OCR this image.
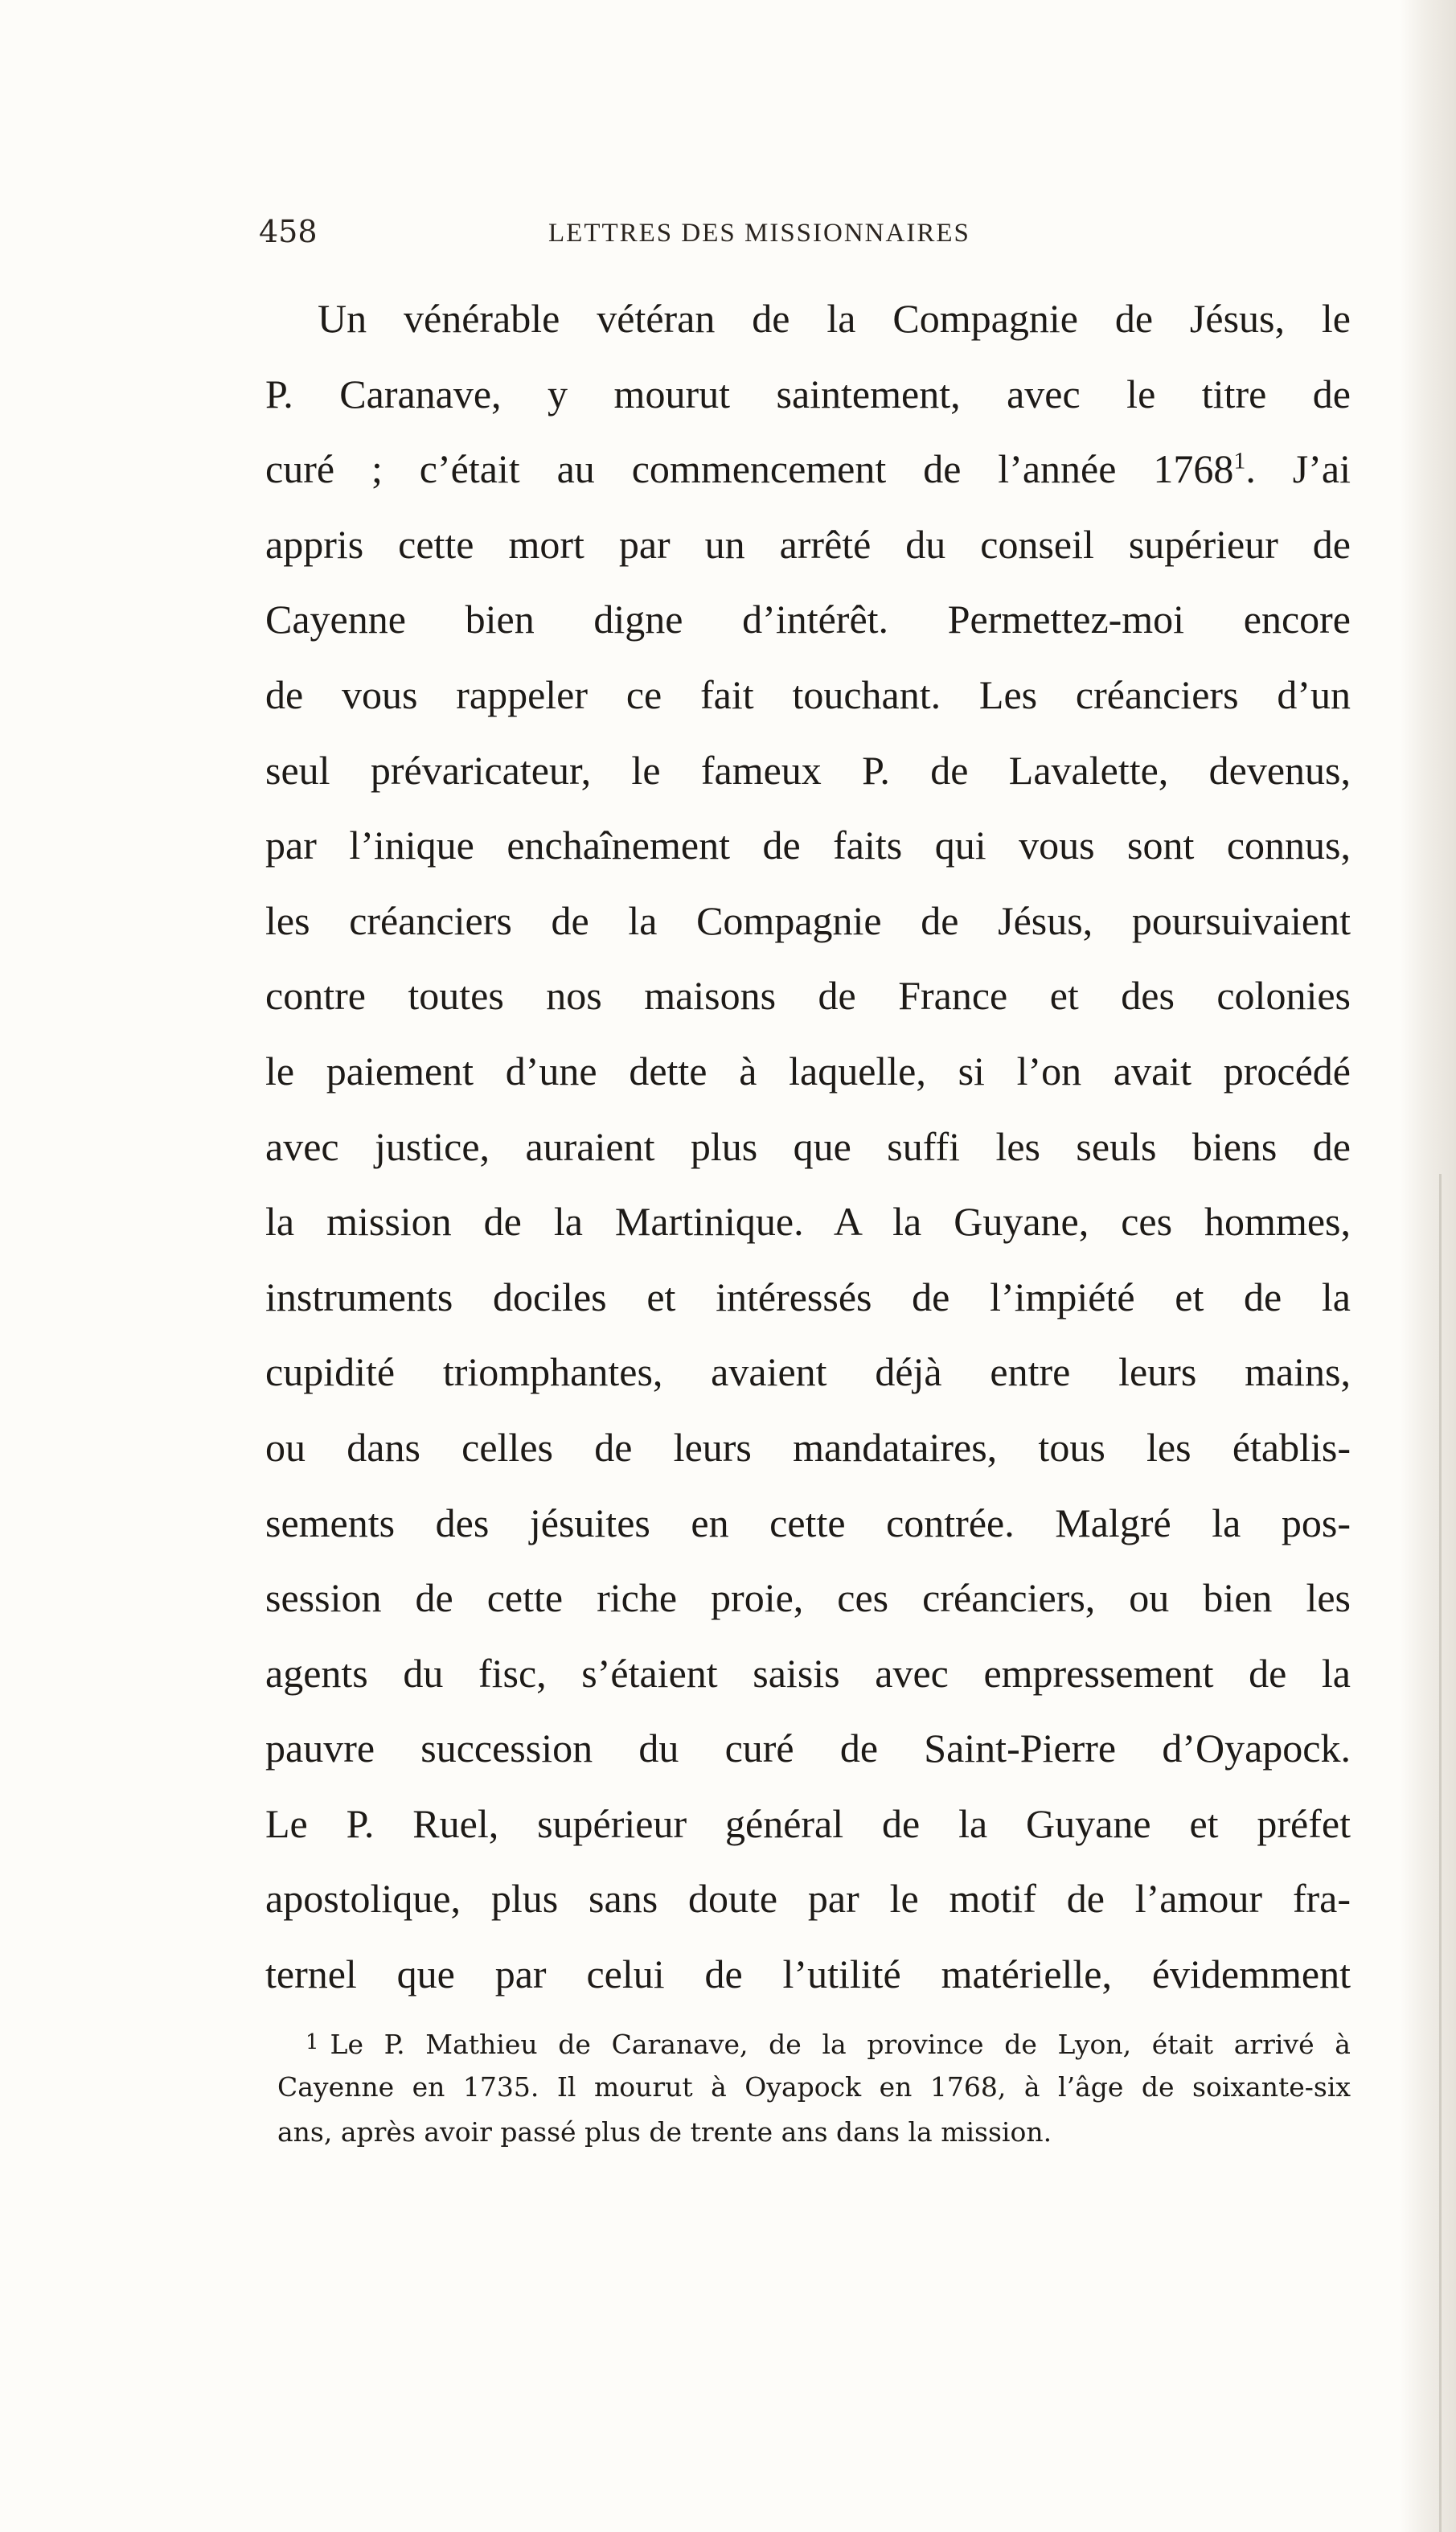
458	LETTRES DES MISSIONNAIRES
Un vénérable vétéran de la Compagnie de Jésus, le
P. Caranave, y mourut saintement, avec le titre de
curé ; c’était au commencement de l’année 1768$^1$. J’ai
appris cette mort par un arrêté du conseil supérieur de
Cayenne bien digne d’intérêt. Permettez-moi encore
de vous rappeler ce fait touchant. Les créanciers d’un
seul prévaricateur, le fameux P. de Lavalette, devenus,
par l’inique enchaînement de faits qui vous sont connus,
les créanciers de la Compagnie de Jésus, poursuivaient
contre toutes nos maisons de France et des colonies
le paiement d’une dette à laquelle, si l’on avait procédé
avec justice, auraient plus que suffi les seuls biens de
la mission de la Martinique. A la Guyane, ces hommes,
instruments dociles et intéressés de l’impiété et de la
cupidité triomphantes, avaient déjà entre leurs mains,
ou dans celles de leurs mandataires, tous les établis-
sements des jésuites en cette contrée. Malgré la pos-
session de cette riche proie, ces créanciers, ou bien les
agents du fisc, s’étaient saisis avec empressement de la
pauvre succession du curé de Saint-Pierre d’Oyapock.
Le P. Ruel, supérieur général de la Guyane et préfet
apostolique, plus sans doute par le motif de l’amour fra-
ternel que par celui de l’utilité matérielle, évidemment
1 Le P. Mathieu de Caranave, de la province de Lyon, était arrivé à
Cayenne en 1735. Il mourut à Oyapock en 1768, à l’âge de soixante-six
ans, après avoir passé plus de trente ans dans la mission.
